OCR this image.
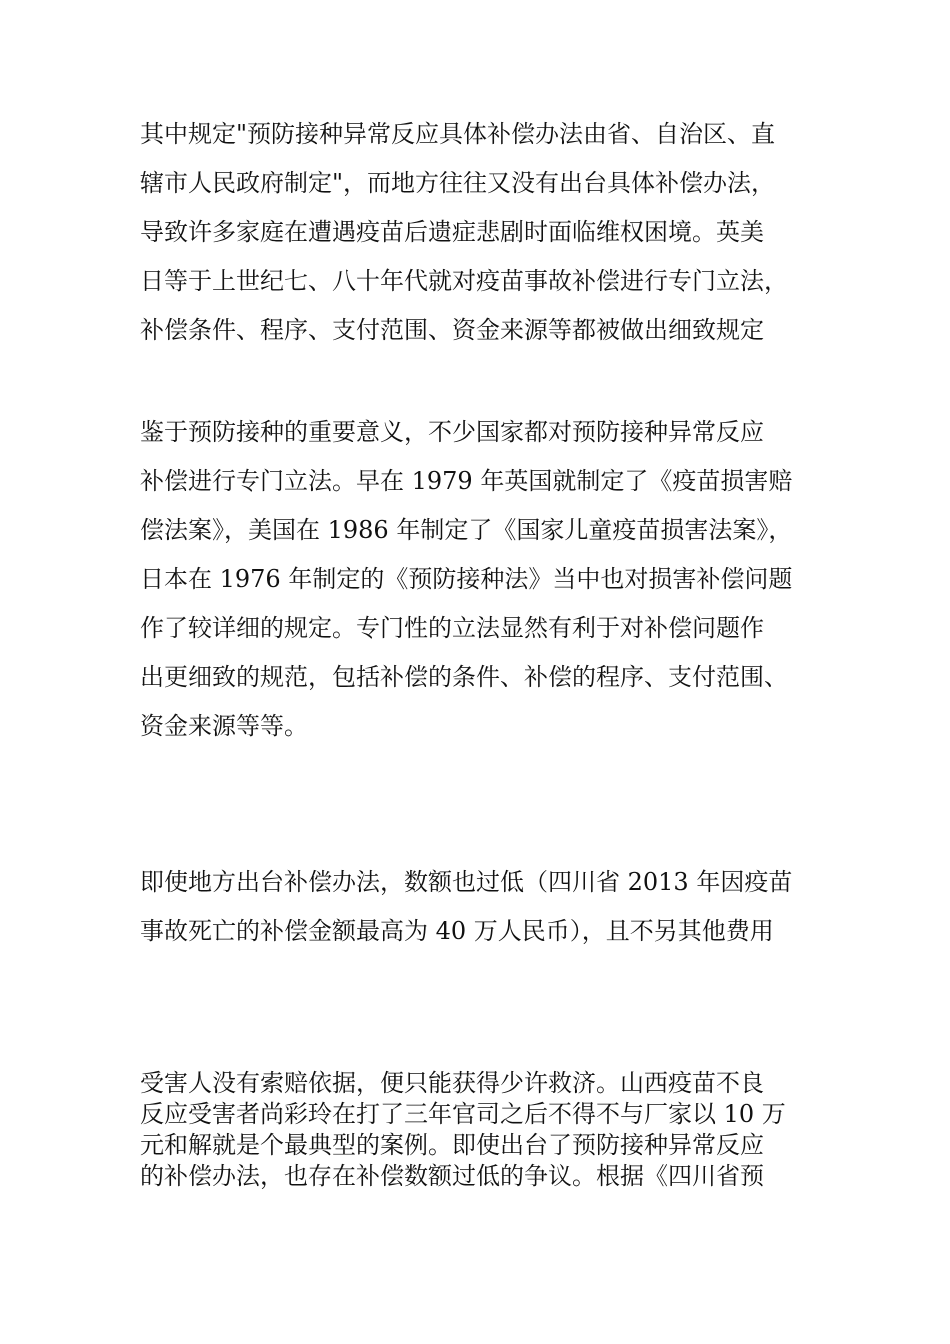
其中规定"预防接种异常反应具体补偿办法由省、自治区、直
辖市人民政府制定"，而地方往往又没有出台具体补偿办法，
导致许多家庭在遭遇疫苗后遗症悲剧时面临维权困境。英美
日等于上世纪七、八十年代就对疫苗事故补偿进行专门立法，
补偿条件、程序、支付范围、资金来源等都被做出细致规定
鉴于预防接种的重要意义，不少国家都对预防接种异常反应
补偿进行专门立法。早在 1979 年英国就制定了《疫苗损害赔
偿法案》，美国在 1986 年制定了《国家儿童疫苗损害法案》，
日本在 1976 年制定的《预防接种法》当中也对损害补偿问题
作了较详细的规定。专门性的立法显然有利于对补偿问题作
出更细致的规范，包括补偿的条件、补偿的程序、支付范围、
资金来源等等。
即使地方出台补偿办法，数额也过低（四川省 2013 年因疫苗
事故死亡的补偿金额最高为 40 万人民币），且不另其他费用
受害人没有索赔依据，便只能获得少许救济。山西疫苗不良
反应受害者尚彩玲在打了三年官司之后不得不与厂家以 10 万
元和解就是个最典型的案例。即使出台了预防接种异常反应
的补偿办法，也存在补偿数额过低的争议。根据《四川省预
